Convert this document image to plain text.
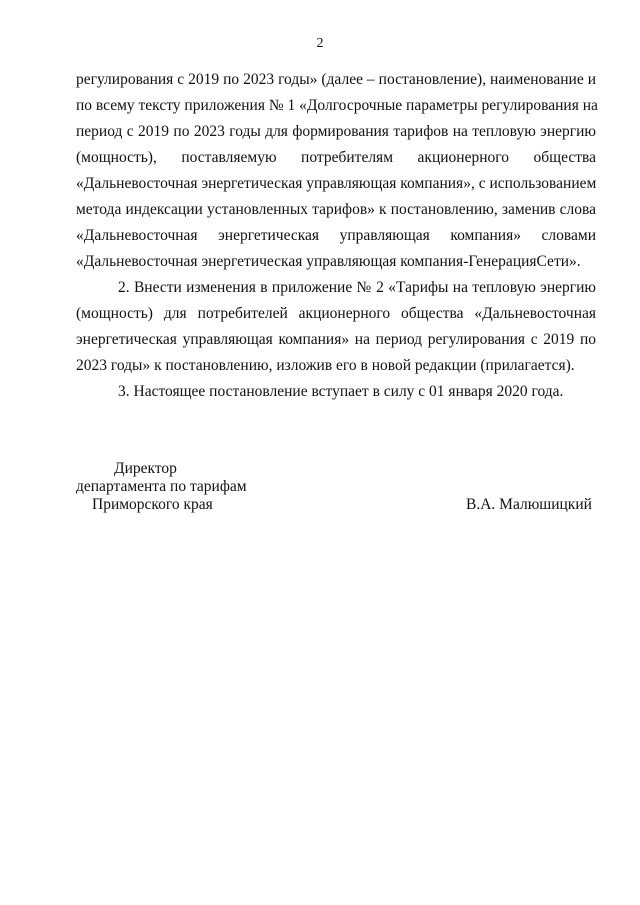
2
регулирования с 2019 по 2023 годы» (далее – постановление), наименование и
по всему тексту приложения № 1 «Долгосрочные параметры регулирования на
период с 2019 по 2023 годы для формирования тарифов на тепловую энергию
(мощность), поставляемую потребителям акционерного общества
«Дальневосточная энергетическая управляющая компания», с использованием
метода индексации установленных тарифов» к постановлению, заменив слова
«Дальневосточная энергетическая управляющая компания» словами
«Дальневосточная энергетическая управляющая компания-ГенерацияСети».
2. Внести изменения в приложение № 2 «Тарифы на тепловую энергию
(мощность) для потребителей акционерного общества «Дальневосточная
энергетическая управляющая компания» на период регулирования с 2019 по
2023 годы» к постановлению, изложив его в новой редакции (прилагается).
3. Настоящее постановление вступает в силу с 01 января 2020 года.
Директор
департамента по тарифам
Приморского края	В.А. Малюшицкий
